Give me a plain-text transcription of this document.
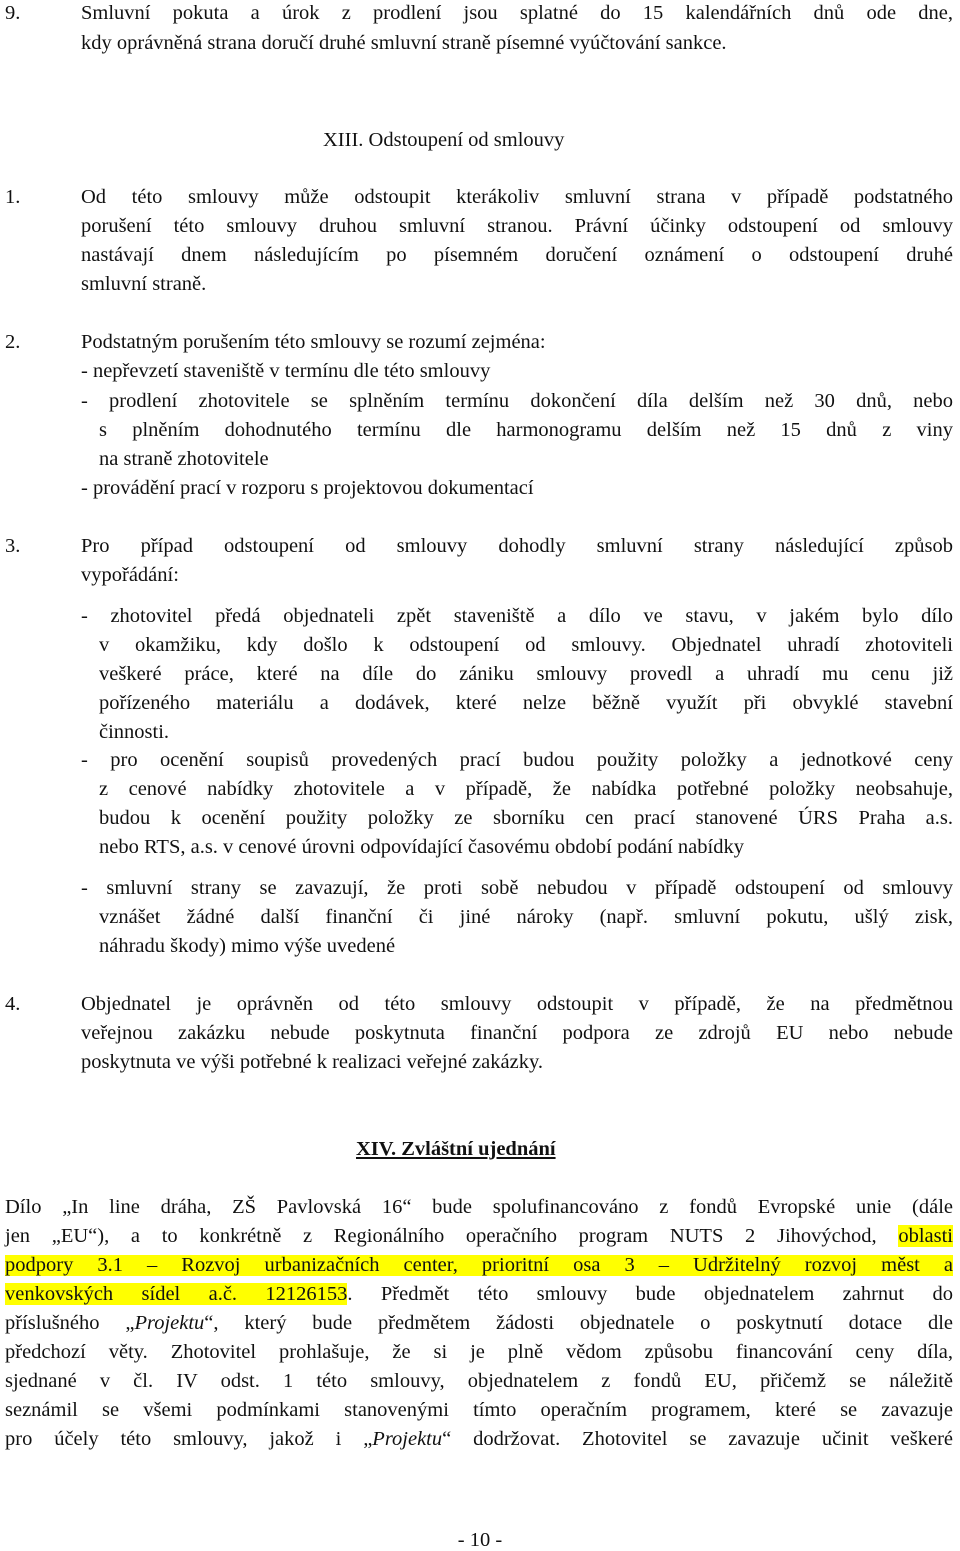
9.	Smluvní pokuta a úrok z prodlení jsou splatné do 15 kalendářních dnů ode dne,
kdy oprávněná strana doručí druhé smluvní straně písemné vyúčtování sankce.
XIII. Odstoupení od smlouvy
1.	Od této smlouvy může odstoupit kterákoliv smluvní strana v případě podstatného
porušení této smlouvy druhou smluvní stranou. Právní účinky odstoupení od smlouvy
nastávají dnem následujícím po písemném doručení oznámení o odstoupení druhé
smluvní straně.
2.	Podstatným porušením této smlouvy se rozumí zejména:
- nepřevzetí staveniště v termínu dle této smlouvy
- prodlení zhotovitele se splněním termínu dokončení díla delším než 30 dnů, nebo
s plněním dohodnutého termínu dle harmonogramu delším než 15 dnů z viny
na straně zhotovitele
- provádění prací v rozporu s projektovou dokumentací
3.	Pro případ odstoupení od smlouvy dohodly smluvní strany následující způsob
vypořádání:
- zhotovitel předá objednateli zpět staveniště a dílo ve stavu, v jakém bylo dílo
v okamžiku, kdy došlo k odstoupení od smlouvy. Objednatel uhradí zhotoviteli
veškeré práce, které na díle do zániku smlouvy provedl a uhradí mu cenu již
pořízeného materiálu a dodávek, které nelze běžně využít při obvyklé stavební
činnosti.
- pro ocenění soupisů provedených prací budou použity položky a jednotkové ceny
z cenové nabídky zhotovitele a v případě, že nabídka potřebné položky neobsahuje,
budou k ocenění použity položky ze sborníku cen prací stanovené ÚRS Praha a.s.
nebo RTS, a.s. v cenové úrovni odpovídající časovému období podání nabídky
- smluvní strany se zavazují, že proti sobě nebudou v případě odstoupení od smlouvy
vznášet žádné další finanční či jiné nároky (např. smluvní pokutu, ušlý zisk,
náhradu škody) mimo výše uvedené
4.	Objednatel je oprávněn od této smlouvy odstoupit v případě, že na předmětnou
veřejnou zakázku nebude poskytnuta finanční podpora ze zdrojů EU nebo nebude
poskytnuta ve výši potřebné k realizaci veřejné zakázky.
XIV. Zvláštní ujednání
Dílo „In line dráha, ZŠ Pavlovská 16“ bude spolufinancováno z fondů Evropské unie (dále
jen „EU“), a to konkrétně z Regionálního operačního program NUTS 2 Jihovýchod, oblasti
podpory 3.1 – Rozvoj urbanizačních center, prioritní osa 3 – Udržitelný rozvoj měst a
venkovských sídel a.č. 12126153. Předmět této smlouvy bude objednatelem zahrnut do
příslušného „Projektu“, který bude předmětem žádosti objednatele o poskytnutí dotace dle
předchozí věty. Zhotovitel prohlašuje, že si je plně vědom způsobu financování ceny díla,
sjednané v čl. IV odst. 1 této smlouvy, objednatelem z fondů EU, přičemž se náležitě
seznámil se všemi podmínkami stanovenými tímto operačním programem, které se zavazuje
pro účely této smlouvy, jakož i „Projektu“ dodržovat. Zhotovitel se zavazuje učinit veškeré
- 10 -
